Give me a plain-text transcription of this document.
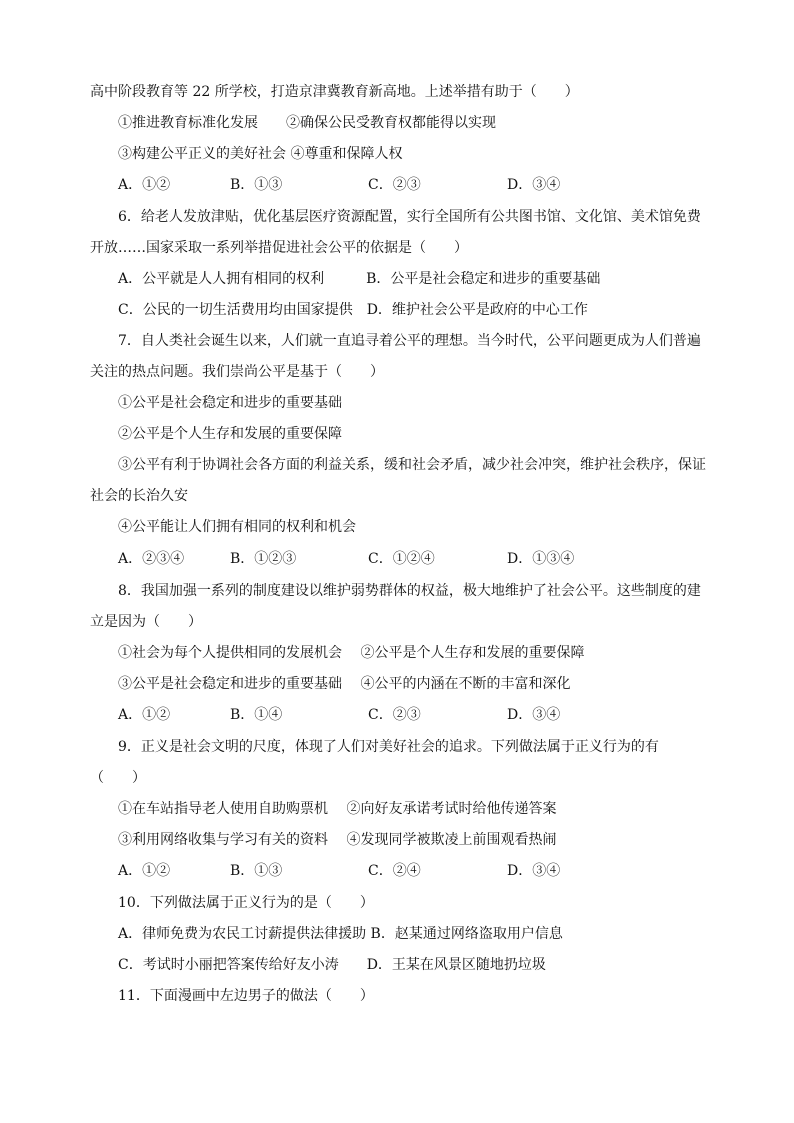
高中阶段教育等 22 所学校，打造京津冀教育新高地。上述举措有助于（　　）
①推进教育标准化发展　　②确保公民受教育权都能得以实现
③构建公平正义的美好社会 ④尊重和保障人权
A．①②	B．①③	C．②③	D．③④
6．给老人发放津贴，优化基层医疗资源配置，实行全国所有公共图书馆、文化馆、美术馆免费
开放……国家采取一系列举措促进社会公平的依据是（　　）
A．公平就是人人拥有相同的权利　　　B．公平是社会稳定和进步的重要基础
C．公民的一切生活费用均由国家提供　D．维护社会公平是政府的中心工作
7．自人类社会诞生以来，人们就一直追寻着公平的理想。当今时代，公平问题更成为人们普遍
关注的热点问题。我们崇尚公平是基于（　　）
①公平是社会稳定和进步的重要基础
②公平是个人生存和发展的重要保障
③公平有利于协调社会各方面的利益关系，缓和社会矛盾，减少社会冲突，维护社会秩序，保证
社会的长治久安
④公平能让人们拥有相同的权利和机会
A．②③④	B．①②③	C．①②④	D．①③④
8．我国加强一系列的制度建设以维护弱势群体的权益，极大地维护了社会公平。这些制度的建
立是因为（　　）
①社会为每个人提供相同的发展机会　 ②公平是个人生存和发展的重要保障
③公平是社会稳定和进步的重要基础　 ④公平的内涵在不断的丰富和深化
A．①②	B．①④	C．②③	D．③④
9．正义是社会文明的尺度，体现了人们对美好社会的追求。下列做法属于正义行为的有
（　　）
①在车站指导老人使用自助购票机　 ②向好友承诺考试时给他传递答案
③利用网络收集与学习有关的资料　 ④发现同学被欺凌上前围观看热闹
A．①②	B．①③	C．②④	D．③④
10．下列做法属于正义行为的是（　　）
A．律师免费为农民工讨薪提供法律援助 B．赵某通过网络盗取用户信息
C．考试时小丽把答案传给好友小涛　　D．王某在风景区随地扔垃圾
11．下面漫画中左边男子的做法（　　）
